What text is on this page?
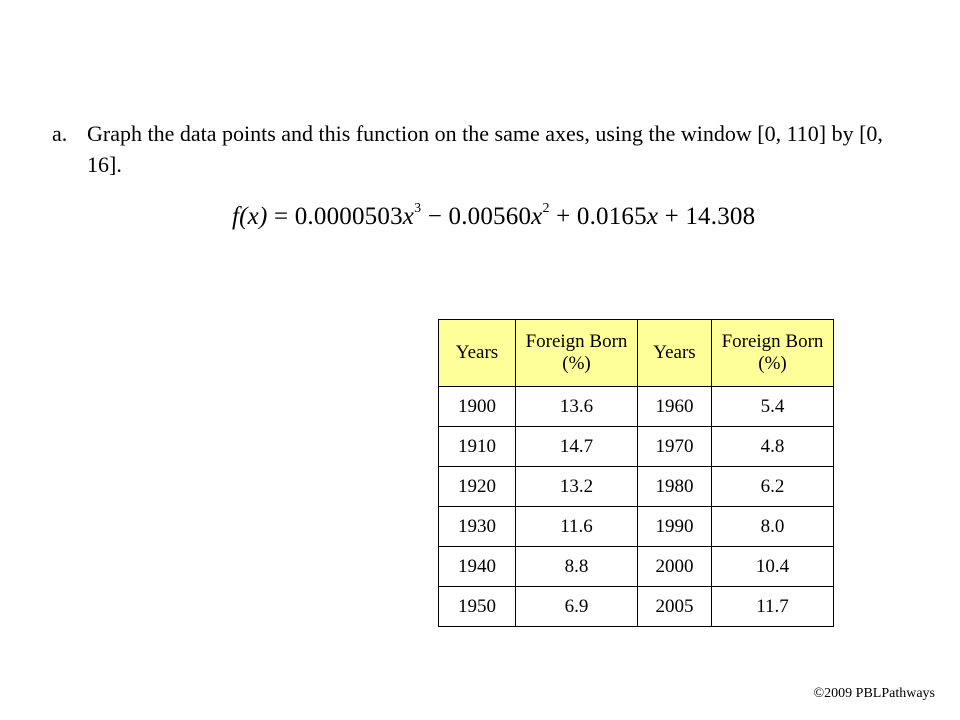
a. Graph the data points and this function on the same axes, using the window [0, 110] by [0, 16].
$f(x) = 0.0000503x^3 - 0.00560x^2 + 0.0165x + 14.308$
Years	Foreign Born (%)	Years	Foreign Born (%)
1900	13.6	1960	5.4
1910	14.7	1970	4.8
1920	13.2	1980	6.2
1930	11.6	1990	8.0
1940	8.8	2000	10.4
1950	6.9	2005	11.7
©2009 PBLPathways
